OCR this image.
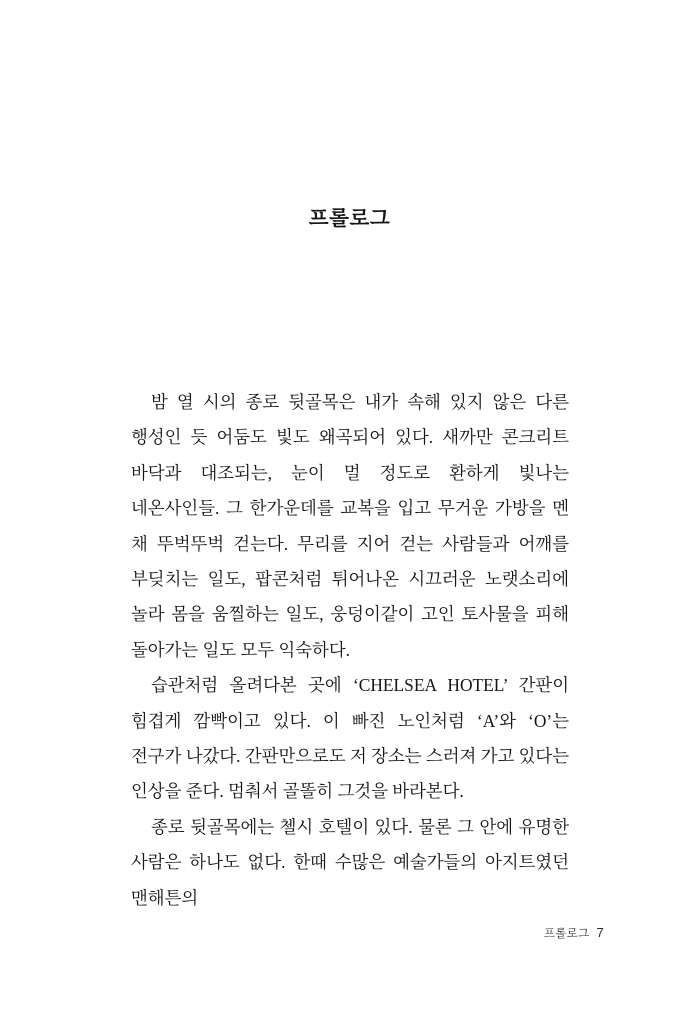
프롤로그

밤 열 시의 종로 뒷골목은 내가 속해 있지 않은 다른 행성인 듯 어둠도 빛도 왜곡되어 있다. 새까만 콘크리트 바닥과 대조되는, 눈이 멀 정도로 환하게 빛나는 네온사인들. 그 한가운데를 교복을 입고 무거운 가방을 멘 채 뚜벅뚜벅 걷는다. 무리를 지어 걷는 사람들과 어깨를 부딪치는 일도, 팝콘처럼 튀어나온 시끄러운 노랫소리에 놀라 몸을 움찔하는 일도, 웅덩이같이 고인 토사물을 피해 돌아가는 일도 모두 익숙하다.

습관처럼 올려다본 곳에 ‘CHELSEA HOTEL’ 간판이 힘겹게 깜빡이고 있다. 이 빠진 노인처럼 ‘A’와 ‘O’는 전구가 나갔다. 간판만으로도 저 장소는 스러져 가고 있다는 인상을 준다. 멈춰서 골똘히 그것을 바라본다.

종로 뒷골목에는 첼시 호텔이 있다. 물론 그 안에 유명한 사람은 하나도 없다. 한때 수많은 예술가들의 아지트였던 맨해튼의

프롤로그 7
